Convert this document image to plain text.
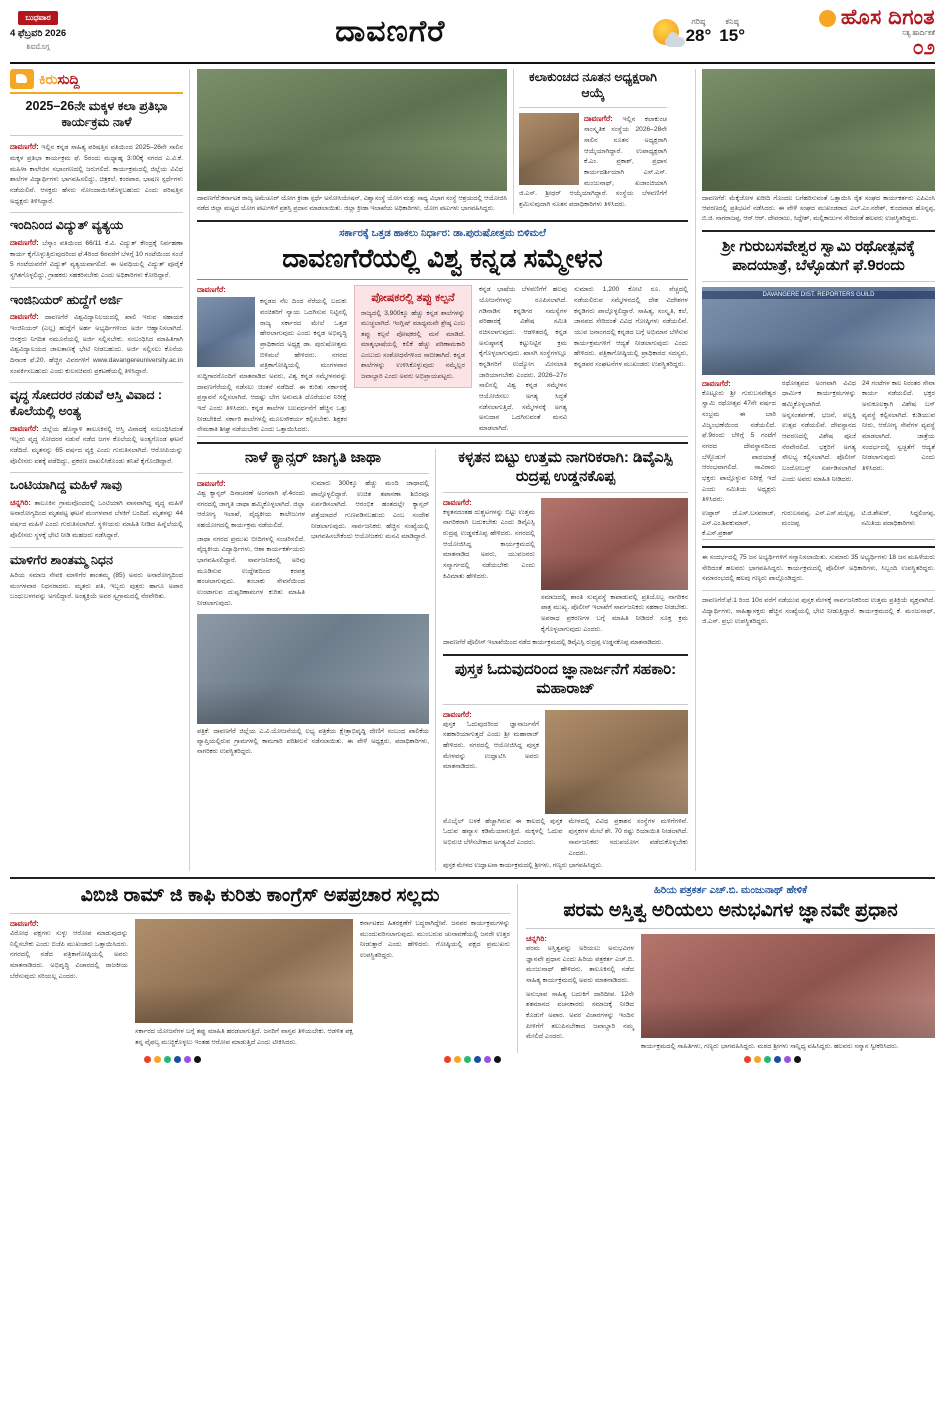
ಬುಧವಾರ
4 ಫೆಬ್ರವರಿ 2026
ಶಿವಮೊಗ್ಗ	ದಾವಣಗೆರೆ	ಗರಿಷ್ಠ
28°
ಕನಿಷ್ಠ
15°
ಹೊಸ ದಿಗಂತ
ಸತ್ಯ ಹಾರ್ದಿಕತೆ
೦೨
ಕಿರುಸುದ್ದಿ
2025–26ನೇ ಮಕ್ಕಳ ಕಲಾ ಪ್ರತಿಭಾ ಕಾರ್ಯಕ್ರಮ ನಾಳೆ
ದಾವಣಗೆರೆ: ಇಲ್ಲಿನ ಕನ್ನಡ ಸಾಹಿತ್ಯ ಪರಿಷತ್ತಿನ ವತಿಯಿಂದ 2025–26ನೇ ಸಾಲಿನ ಮಕ್ಕಳ ಪ್ರತಿಭಾ ಕಾರ್ಯಕ್ರಮ ಫೆ. 5ರಂದು ಮಧ್ಯಾಹ್ನ 3:00ಕ್ಕೆ ನಗರದ ಎ.ವಿ.ಕೆ. ಮಹಿಳಾ ಕಾಲೇಜಿನ ಸಭಾಂಗಣದಲ್ಲಿ ಜರುಗಲಿದೆ. ಕಾರ್ಯಕ್ರಮದಲ್ಲಿ ಜಿಲ್ಲೆಯ ವಿವಿಧ ಶಾಲೆಗಳ ವಿದ್ಯಾರ್ಥಿಗಳು ಭಾಗವಹಿಸಲಿದ್ದು, ಚಿತ್ರಕಲೆ, ಕಂಠಪಾಠ, ಭಾಷಣ ಸ್ಪರ್ಧೆಗಳು ನಡೆಯಲಿವೆ. ಆಸಕ್ತರು ಹೆಸರು ನೋಂದಾಯಿಸಿಕೊಳ್ಳಬಹುದು ಎಂದು ಪರಿಷತ್ತಿನ ಅಧ್ಯಕ್ಷರು ತಿಳಿಸಿದ್ದಾರೆ.
ಇಂದಿನಿಂದ ವಿದ್ಯುತ್ ವ್ಯತ್ಯಯ
ದಾವಣಗೆರೆ: ಬೆಸ್ಕಾಂ ವತಿಯಿಂದ 66/11 ಕೆ.ವಿ. ವಿದ್ಯುತ್ ಕೇಂದ್ರಕ್ಕೆ ನಿರ್ವಹಣಾ ಕಾರ್ಯ ಕೈಗೊಳ್ಳುತ್ತಿರುವುದರಿಂದ ಫೆ.4ರಿಂದ 6ರವರೆಗೆ ಬೆಳಗ್ಗೆ 10 ಗಂಟೆಯಿಂದ ಸಂಜೆ 5 ಗಂಟೆಯವರೆಗೆ ವಿದ್ಯುತ್ ವ್ಯತ್ಯಯವಾಗಲಿದೆ. ಈ ಅವಧಿಯಲ್ಲಿ ವಿದ್ಯುತ್ ಪೂರೈಕೆ ಸ್ಥಗಿತಗೊಳ್ಳಲಿದ್ದು, ಗ್ರಾಹಕರು ಸಹಕರಿಸಬೇಕು ಎಂದು ಅಧಿಕಾರಿಗಳು ಕೋರಿದ್ದಾರೆ.
ಇಂಜಿನಿಯರ್ ಹುದ್ದೆಗೆ ಅರ್ಜಿ
ದಾವಣಗೆರೆ: ದಾವಣಗೆರೆ ವಿಶ್ವವಿದ್ಯಾನಿಲಯದಲ್ಲಿ ಖಾಲಿ ಇರುವ ಸಹಾಯಕ ಇಂಜಿನಿಯರ್ (ಎಲ್ಲ) ಹುದ್ದೆಗೆ ಅರ್ಹ ಅಭ್ಯರ್ಥಿಗಳಿಂದ ಅರ್ಜಿ ಆಹ್ವಾನಿಸಲಾಗಿದೆ. ಆಸಕ್ತರು ನಿಗದಿತ ನಮೂನೆಯಲ್ಲಿ ಅರ್ಜಿ ಸಲ್ಲಿಸಬೇಕು. ಸಂಬಂಧಿಸಿದ ಮಾಹಿತಿಗಾಗಿ ವಿಶ್ವವಿದ್ಯಾಲಯದ ಜಾಲತಾಣಕ್ಕೆ ಭೇಟಿ ನೀಡಬಹುದು. ಅರ್ಜಿ ಸಲ್ಲಿಸಲು ಕೊನೆಯ ದಿನಾಂಕ ಫೆ.20. ಹೆಚ್ಚಿನ ವಿವರಗಳಿಗೆ www.davangereuniversity.ac.in ಸಂಪರ್ಕಿಸಬಹುದು ಎಂದು ಕುಲಸಚಿವರು ಪ್ರಕಟಣೆಯಲ್ಲಿ ತಿಳಿಸಿದ್ದಾರೆ.
ವೃದ್ಧ ಸೋದರರ ನಡುವೆ ಆಸ್ತಿ ವಿವಾದ : ಕೊಲೆಯಲ್ಲಿ ಅಂತ್ಯ
ದಾವಣಗೆರೆ: ಜಿಲ್ಲೆಯ ಹೊನ್ನಾಳಿ ತಾಲೂಕಿನಲ್ಲಿ ಆಸ್ತಿ ವಿವಾದಕ್ಕೆ ಸಂಬಂಧಿಸಿದಂತೆ ಇಬ್ಬರು ವೃದ್ಧ ಸೋದರರ ನಡುವೆ ನಡೆದ ಜಗಳ ಕೊಲೆಯಲ್ಲಿ ಅಂತ್ಯಗೊಂಡ ಘಟನೆ ನಡೆದಿದೆ. ಮೃತನನ್ನು 65 ವರ್ಷದ ವ್ಯಕ್ತಿ ಎಂದು ಗುರುತಿಸಲಾಗಿದೆ. ಆರೋಪಿಯನ್ನು ಪೊಲೀಸರು ವಶಕ್ಕೆ ಪಡೆದಿದ್ದು, ಪ್ರಕರಣ ದಾಖಲಿಸಿಕೊಂಡು ತನಿಖೆ ಕೈಗೊಂಡಿದ್ದಾರೆ.
ಒಂಟಿಯಾಗಿದ್ದ ಮಹಿಳೆ ಸಾವು
ಚನ್ನಗಿರಿ: ತಾಲೂಕಿನ ಗ್ರಾಮವೊಂದರಲ್ಲಿ ಒಂಟಿಯಾಗಿ ವಾಸವಾಗಿದ್ದ ವೃದ್ಧ ಮಹಿಳೆ ಅನಾರೋಗ್ಯದಿಂದ ಮೃತಪಟ್ಟ ಘಟನೆ ಮಂಗಳವಾರ ಬೆಳಕಿಗೆ ಬಂದಿದೆ. ಮೃತಳನ್ನು 44 ವರ್ಷದ ಮಹಿಳೆ ಎಂದು ಗುರುತಿಸಲಾಗಿದೆ. ಸ್ಥಳೀಯರು ಮಾಹಿತಿ ನೀಡಿದ ಹಿನ್ನೆಲೆಯಲ್ಲಿ ಪೊಲೀಸರು ಸ್ಥಳಕ್ಕೆ ಭೇಟಿ ನೀಡಿ ಮಹಜರು ನಡೆಸಿದ್ದಾರೆ.
ಮಾಳಿಗೆರ ಶಾಂತಮ್ಮ ನಿಧನ
ಹಿರಿಯ ಸಮಾಜ ಸೇವಕಿ ಮಾಳಿಗೆರ ಶಾಂತಮ್ಮ (85) ಅವರು ಅನಾರೋಗ್ಯದಿಂದ ಮಂಗಳವಾರ ನಿಧನರಾದರು. ಮೃತರು ಪತಿ, ಇಬ್ಬರು ಪುತ್ರರು ಹಾಗೂ ಅಪಾರ ಬಂಧುಬಳಗವನ್ನು ಅಗಲಿದ್ದಾರೆ. ಅಂತ್ಯಕ್ರಿಯೆ ಅವರ ಸ್ವಗ್ರಾಮದಲ್ಲಿ ನೆರವೇರಿತು.
ದಾವಣಗೆರೆ:ಕರ್ನಾಟಕ ರಾಜ್ಯ ಅಮೆಚೂರ್ ಯೋಗ ಕ್ರೀಡಾ ಸ್ಪರ್ಧೆ ಅಸೋಸಿಯೇಷನ್, ವಿಶ್ವಾಸಂಸ್ಥೆ ಯೋಗ ಮತ್ತು ಸಾಧ್ಯ ವಿಭಾಗ ಸಂಸ್ಥೆ ಆಶ್ರಯದಲ್ಲಿ ಆಯೋಜಿಸಿ ನಡೆದ ಜಿಲ್ಲಾ ಮಟ್ಟದ ಯೋಗ ಪಟುಗಳಿಗೆ ಪ್ರಶಸ್ತಿ ಪ್ರದಾನ ಮಾಡಲಾಯಿತು. ಜಿಲ್ಲಾ ಕ್ರೀಡಾ ಇಲಾಖೆಯ ಅಧಿಕಾರಿಗಳು, ಯೋಗ ಪಟುಗಳು ಭಾಗವಹಿಸಿದ್ದರು.
ಕಲಾಕುಂಚದ ನೂತನ ಅಧ್ಯಕ್ಷರಾಗಿ ಆಯ್ಕೆ
ದಾವಣಗೆರೆ: ಇಲ್ಲಿನ ಕಲಾಕುಂಚ ಸಾಂಸ್ಕೃತಿಕ ಸಂಸ್ಥೆಯ 2026–28ನೇ ಸಾಲಿನ ನೂತನ ಅಧ್ಯಕ್ಷರಾಗಿ ಆಯ್ಕೆಯಾಗಿದ್ದಾರೆ. ಉಪಾಧ್ಯಕ್ಷರಾಗಿ ಕೆ.ಎಂ. ಪ್ರಕಾಶ್, ಪ್ರಧಾನ ಕಾರ್ಯದರ್ಶಿಯಾಗಿ ಎಸ್.ಎಸ್. ಮಂಜುನಾಥ್, ಖಜಾಂಚಿಯಾಗಿ ಜಿ.ಎಸ್. ಶ್ರೀಧರ್ ಆಯ್ಕೆಯಾಗಿದ್ದಾರೆ. ಸಂಸ್ಥೆಯ ಬೆಳವಣಿಗೆಗೆ ಶ್ರಮಿಸುವುದಾಗಿ ನೂತನ ಪದಾಧಿಕಾರಿಗಳು ತಿಳಿಸಿದರು.
ಸರ್ಕಾರಕ್ಕೆ ಒತ್ತಡ ಹಾಕಲು ನಿರ್ಧಾರ: ಡಾ.ಪುರುಷೋತ್ತಮ ಬಿಳಿಮಲೆ
ದಾವಣಗೆರೆಯಲ್ಲಿ ವಿಶ್ವ ಕನ್ನಡ ಸಮ್ಮೇಳನ
ದಾವಣಗೆರೆ:
ಕನ್ನಡದ ನೆಲ ದಿಂದ ನೆರೆಯಲ್ಲಿ ಬದುಕು ವಂಚಿತರಿಗೆ ನ್ಯಾಯ ಒದಗಿಸುವ ನಿಟ್ಟಿನಲ್ಲಿ ರಾಜ್ಯ ಸರ್ಕಾರದ ಮೇಲೆ ಒತ್ತಡ ಹೇರಲಾಗುವುದು ಎಂದು ಕನ್ನಡ ಅಭಿವೃದ್ಧಿ ಪ್ರಾಧಿಕಾರದ ಅಧ್ಯಕ್ಷ ಡಾ. ಪುರುಷೋತ್ತಮ ಬಿಳಿಮಲೆ ಹೇಳಿದರು. ನಗರದ ಪತ್ರಿಕಾಗೋಷ್ಠಿಯಲ್ಲಿ ಮಂಗಳವಾರ ಸುದ್ದಿಗಾರರೊಂದಿಗೆ ಮಾತನಾಡಿದ ಅವರು, ವಿಶ್ವ ಕನ್ನಡ ಸಮ್ಮೇಳನವನ್ನು ದಾವಣಗೆರೆಯಲ್ಲಿ ನಡೆಸಲು ಚಿಂತನೆ ನಡೆದಿದೆ. ಈ ಕುರಿತು ಸರ್ಕಾರಕ್ಕೆ ಪ್ರಸ್ತಾವನೆ ಸಲ್ಲಿಸಲಾಗಿದೆ. ಆದಷ್ಟು ಬೇಗ ಅನುಮತಿ ದೊರೆಯುವ ನಿರೀಕ್ಷೆ ಇದೆ ಎಂದು ತಿಳಿಸಿದರು. ಕನ್ನಡ ಶಾಲೆಗಳ ಬಲವರ್ಧನೆಗೆ ಹೆಚ್ಚಿನ ಒತ್ತು ನೀಡಬೇಕಿದೆ. ಸರ್ಕಾರಿ ಶಾಲೆಗಳಲ್ಲಿ ಮೂಲಸೌಕರ್ಯ ಕಲ್ಪಿಸಬೇಕು. ಶಿಕ್ಷಕರ ನೇಮಕಾತಿ ಶೀಘ್ರ ನಡೆಯಬೇಕು ಎಂದು ಒತ್ತಾಯಿಸಿದರು.
ಪೋಷಕರಲ್ಲಿ ತಪ್ಪು ಕಲ್ಪನೆ
ರಾಜ್ಯದಲ್ಲಿ 3,900ಕ್ಕೂ ಹೆಚ್ಚು ಕನ್ನಡ ಶಾಲೆಗಳನ್ನು ಮುಚ್ಚಲಾಗಿದೆ. ಇಂಗ್ಲಿಷ್ ಮಾಧ್ಯಮವೇ ಶ್ರೇಷ್ಠ ಎಂಬ ತಪ್ಪು ಕಲ್ಪನೆ ಪೋಷಕರಲ್ಲಿ ಮನೆ ಮಾಡಿದೆ. ಮಾತೃಭಾಷೆಯಲ್ಲಿ ಕಲಿಕೆ ಹೆಚ್ಚು ಪರಿಣಾಮಕಾರಿ ಎಂಬುದು ಸಂಶೋಧನೆಗಳಿಂದ ಸಾಬೀತಾಗಿದೆ. ಕನ್ನಡ ಶಾಲೆಗಳನ್ನು ಉಳಿಸಿಕೊಳ್ಳುವುದು ನಮ್ಮೆಲ್ಲರ ಜವಾಬ್ದಾರಿ ಎಂದು ಅವರು ಅಭಿಪ್ರಾಯಪಟ್ಟರು.
ಕನ್ನಡ ಭಾಷೆಯ ಬೆಳವಣಿಗೆಗೆ ಹಲವು ಯೋಜನೆಗಳನ್ನು ರೂಪಿಸಲಾಗಿದೆ. ಗಡಿನಾಡಿನ ಕನ್ನಡಿಗರ ಸಮಸ್ಯೆಗಳ ಪರಿಹಾರಕ್ಕೆ ವಿಶೇಷ ಸಮಿತಿ ರಚಿಸಲಾಗುವುದು. ಆಡಳಿತದಲ್ಲಿ ಕನ್ನಡ ಅನುಷ್ಠಾನಕ್ಕೆ ಕಟ್ಟುನಿಟ್ಟಿನ ಕ್ರಮ ಕೈಗೊಳ್ಳಲಾಗುವುದು. ಖಾಸಗಿ ಸಂಸ್ಥೆಗಳಲ್ಲೂ ಕನ್ನಡಿಗರಿಗೆ ಉದ್ಯೋಗ ಮೀಸಲಾತಿ ಜಾರಿಯಾಗಬೇಕು ಎಂದರು. 2026–27ರ ಸಾಲಿನಲ್ಲಿ ವಿಶ್ವ ಕನ್ನಡ ಸಮ್ಮೇಳನ ಆಯೋಜಿಸಲು ಅಗತ್ಯ ಸಿದ್ಧತೆ ನಡೆಸಲಾಗುತ್ತಿದೆ. ಸಮ್ಮೇಳನಕ್ಕೆ ಅಗತ್ಯ ಅನುದಾನ ಒದಗಿಸುವಂತೆ ಮನವಿ ಮಾಡಲಾಗಿದೆ.
ಸುಮಾರು 1,200 ಕೋಟಿ ರೂ. ವೆಚ್ಚದಲ್ಲಿ ನಡೆಯಲಿರುವ ಸಮ್ಮೇಳನದಲ್ಲಿ ದೇಶ ವಿದೇಶಗಳ ಕನ್ನಡಿಗರು ಪಾಲ್ಗೊಳ್ಳಲಿದ್ದಾರೆ. ಸಾಹಿತ್ಯ, ಸಂಸ್ಕೃತಿ, ಕಲೆ, ಜಾನಪದ ಸೇರಿದಂತೆ ವಿವಿಧ ಗೋಷ್ಠಿಗಳು ನಡೆಯಲಿವೆ. ಯುವ ಜನಾಂಗದಲ್ಲಿ ಕನ್ನಡದ ಬಗ್ಗೆ ಅಭಿಮಾನ ಬೆಳೆಸುವ ಕಾರ್ಯಕ್ರಮಗಳಿಗೆ ಆದ್ಯತೆ ನೀಡಲಾಗುವುದು ಎಂದು ಹೇಳಿದರು. ಪತ್ರಿಕಾಗೋಷ್ಠಿಯಲ್ಲಿ ಪ್ರಾಧಿಕಾರದ ಸದಸ್ಯರು, ಕನ್ನಡಪರ ಸಂಘಟನೆಗಳ ಮುಖಂಡರು ಉಪಸ್ಥಿತರಿದ್ದರು.
ನಾಳೆ ಕ್ಯಾನ್ಸರ್ ಜಾಗೃತಿ ಜಾಥಾ
ದಾವಣಗೆರೆ:
ವಿಶ್ವ ಕ್ಯಾನ್ಸರ್ ದಿನಾಚರಣೆ ಅಂಗವಾಗಿ ಫೆ.4ರಂದು ನಗರದಲ್ಲಿ ಜಾಗೃತಿ ಜಾಥಾ ಹಮ್ಮಿಕೊಳ್ಳಲಾಗಿದೆ. ಜಿಲ್ಲಾ ಆರೋಗ್ಯ ಇಲಾಖೆ, ವೈದ್ಯಕೀಯ ಕಾಲೇಜುಗಳ ಸಹಯೋಗದಲ್ಲಿ ಕಾರ್ಯಕ್ರಮ ನಡೆಯಲಿದೆ.
ಜಾಥಾ ನಗರದ ಪ್ರಮುಖ ಬೀದಿಗಳಲ್ಲಿ ಸಂಚರಿಸಲಿದೆ. ವೈದ್ಯಕೀಯ ವಿದ್ಯಾರ್ಥಿಗಳು, ಆಶಾ ಕಾರ್ಯಕರ್ತೆಯರು ಭಾಗವಹಿಸಲಿದ್ದಾರೆ. ಸಾರ್ವಜನಿಕರಲ್ಲಿ ಅರಿವು ಮೂಡಿಸುವ ಉದ್ದೇಶದಿಂದ ಕರಪತ್ರ ಹಂಚಲಾಗುವುದು. ತಂಬಾಕು ಸೇವನೆಯಿಂದ ಉಂಟಾಗುವ ದುಷ್ಪರಿಣಾಮಗಳ ಕುರಿತು ಮಾಹಿತಿ ನೀಡಲಾಗುವುದು.
ಸುಮಾರು 300ಕ್ಕೂ ಹೆಚ್ಚು ಮಂದಿ ಜಾಥಾದಲ್ಲಿ ಪಾಲ್ಗೊಳ್ಳಲಿದ್ದಾರೆ. ಉಚಿತ ತಪಾಸಣಾ ಶಿಬಿರವೂ ಏರ್ಪಡಿಸಲಾಗಿದೆ. ಆರಂಭಿಕ ಹಂತದಲ್ಲೇ ಕ್ಯಾನ್ಸರ್ ಪತ್ತೆಯಾದರೆ ಗುಣಪಡಿಸಬಹುದು ಎಂಬ ಸಂದೇಶ ನೀಡಲಾಗುವುದು. ಸಾರ್ವಜನಿಕರು ಹೆಚ್ಚಿನ ಸಂಖ್ಯೆಯಲ್ಲಿ ಭಾಗವಹಿಸಬೇಕೆಂದು ಆಯೋಜಕರು ಮನವಿ ಮಾಡಿದ್ದಾರೆ.
ಪತ್ರಿಕೆ: ದಾವಣಗೆರೆ ಜಿಲ್ಲೆಯ ಎ.ವಿ.ಯೋಜನೆಯಲ್ಲಿ ಲಭ್ಯ ಪತ್ರಿಕೆಯ ಕ್ಷೇತ್ರಾಭಿವೃದ್ಧಿ ದೇಣಿಗೆ ಸಂಬಂಧ ಪಾಲಿಕೆಯ ವ್ಯಾಪ್ತಿಯಲ್ಲಿರುವ ಗ್ರಾಮಗಳಲ್ಲಿ ಕಾಮಗಾರಿ ಪರಿಶೀಲನೆ ನಡೆಸಲಾಯಿತು. ಈ ವೇಳೆ ಅಧ್ಯಕ್ಷರು, ಪದಾಧಿಕಾರಿಗಳು, ನಾಗರಿಕರು ಉಪಸ್ಥಿತರಿದ್ದರು.
ಕಳ್ಳತನ ಬಿಟ್ಟು ಉತ್ತಮ ನಾಗರಿಕರಾಗಿ: ಡಿವೈಎಸ್ಪಿ ರುದ್ರಪ್ಪ ಉಡ್ಡನಕೊಪ್ಪ
ದಾವಣಗೆರೆ:
ಕಳ್ಳತನದಂತಹ ದುಶ್ಚಟಗಳನ್ನು ಬಿಟ್ಟು ಉತ್ತಮ ನಾಗರಿಕರಾಗಿ ಬದುಕಬೇಕು ಎಂದು ಡಿವೈಎಸ್ಪಿ ರುದ್ರಪ್ಪ ಉಡ್ಡನಕೊಪ್ಪ ಹೇಳಿದರು. ನಗರದಲ್ಲಿ ಆಯೋಜಿಸಿದ್ದ ಕಾರ್ಯಕ್ರಮದಲ್ಲಿ ಮಾತನಾಡಿದ ಅವರು, ಯುವಜನರು ಸನ್ಮಾರ್ಗದಲ್ಲಿ ನಡೆಯಬೇಕು ಎಂದು ಕಿವಿಮಾತು ಹೇಳಿದರು.
ಸಮಾಜದಲ್ಲಿ ಶಾಂತಿ ಸುವ್ಯವಸ್ಥೆ ಕಾಪಾಡುವಲ್ಲಿ ಪ್ರತಿಯೊಬ್ಬ ನಾಗರಿಕನ ಪಾತ್ರ ಮುಖ್ಯ. ಪೊಲೀಸ್ ಇಲಾಖೆಗೆ ಸಾರ್ವಜನಿಕರು ಸಹಕಾರ ನೀಡಬೇಕು. ಅಪರಾಧ ಪ್ರಕರಣಗಳ ಬಗ್ಗೆ ಮಾಹಿತಿ ನೀಡಿದರೆ ಸೂಕ್ತ ಕ್ರಮ ಕೈಗೊಳ್ಳಲಾಗುವುದು ಎಂದರು.
ದಾವಣಗೆರೆ ಪೊಲೀಸ್ ಇಲಾಖೆಯಿಂದ ನಡೆದ ಕಾರ್ಯಕ್ರಮದಲ್ಲಿ ಡಿವೈಎಸ್ಪಿ ರುದ್ರಪ್ಪ ಉಡ್ಡನಕೊಪ್ಪ ಮಾತನಾಡಿದರು.
ಪುಸ್ತಕ ಓದುವುದರಿಂದ ಜ್ಞಾನಾರ್ಜನೆಗೆ ಸಹಕಾರಿ: ಮಹಾರಾಜ್
ದಾವಣಗೆರೆ:
ಪುಸ್ತಕ ಓದುವುದರಿಂದ ಜ್ಞಾನಾರ್ಜನೆಗೆ ಸಹಕಾರಿಯಾಗುತ್ತದೆ ಎಂದು ಶ್ರೀ ಮಹಾರಾಜ್ ಹೇಳಿದರು. ನಗರದಲ್ಲಿ ಆಯೋಜಿಸಿದ್ದ ಪುಸ್ತಕ ಮೇಳವನ್ನು ಉದ್ಘಾಟಿಸಿ ಅವರು ಮಾತನಾಡಿದರು.
ಮೊಬೈಲ್ ಬಳಕೆ ಹೆಚ್ಚಾಗಿರುವ ಈ ಕಾಲದಲ್ಲಿ ಪುಸ್ತಕ ಓದುವ ಹವ್ಯಾಸ ಕಡಿಮೆಯಾಗುತ್ತಿದೆ. ಮಕ್ಕಳಲ್ಲಿ ಓದುವ ಅಭಿರುಚಿ ಬೆಳೆಸಬೇಕಾದ ಅಗತ್ಯವಿದೆ ಎಂದರು.
ಮೇಳದಲ್ಲಿ ವಿವಿಧ ಪ್ರಕಾಶನ ಸಂಸ್ಥೆಗಳ ಮಳಿಗೆಗಳಿವೆ. ಪುಸ್ತಕಗಳ ಮೇಲೆ ಶೇ. 70 ರಷ್ಟು ರಿಯಾಯಿತಿ ನೀಡಲಾಗಿದೆ. ಸಾರ್ವಜನಿಕರು ಸದುಪಯೋಗ ಪಡೆದುಕೊಳ್ಳಬೇಕು ಎಂದರು.
ಪುಸ್ತಕ ಮೇಳದ ಉದ್ಘಾಟನಾ ಕಾರ್ಯಕ್ರಮದಲ್ಲಿ ಶ್ರೀಗಳು, ಗಣ್ಯರು ಭಾಗವಹಿಸಿದ್ದರು.
ದಾವಣಗೆರೆ: ಮೆಕ್ಕೆಜೋಳ ಖರೀದಿ ಗೊಂದಲ ಬಗೆಹರಿಸುವಂತೆ ಒತ್ತಾಯಿಸಿ ರೈತ ಸಂಘದ ಕಾರ್ಯಕರ್ತರು ಎಪಿಎಂಸಿ ಆವರಣದಲ್ಲಿ ಪ್ರತಿಭಟನೆ ನಡೆಸಿದರು. ಈ ವೇಳೆ ಸಂಘದ ಮುಖಂಡರಾದ ಎಲ್.ಎಂ.ನರೇಶ್, ಕುಂದವಾಡ ಹೊನ್ನಪ್ಪ, ಬಿ.ಜಿ. ನಾಗರಾಜಪ್ಪ, ಆರ್.ಆರ್. ದೇವರಾಜು, ಸಿದ್ದೇಶ್, ಮಲ್ಲಿಕಾರ್ಜುನ ಸೇರಿದಂತೆ ಹಲವರು ಉಪಸ್ಥಿತರಿದ್ದರು.
ಶ್ರೀ ಗುರುಬಸವೇಶ್ವರ ಸ್ವಾಮಿ ರಥೋತ್ಸವಕ್ಕೆ ಪಾದಯಾತ್ರೆ, ಬೆಳ್ಳೊಡುಗೆ ಫೆ.9ರಂದು
DAVANGERE DIST. REPORTERS GUILD
ದಾವಣಗೆರೆ:
ಕೊಟ್ಟೂರು ಶ್ರೀ ಗುರುಬಸವೇಶ್ವರ ಸ್ವಾಮಿ ರಥೋತ್ಸವ 47ನೇ ವರ್ಷದ ಸಂಭ್ರಮ ಈ ಬಾರಿ ವಿಜೃಂಭಣೆಯಿಂದ ನಡೆಯಲಿದೆ. ಫೆ.9ರಂದು ಬೆಳಿಗ್ಗೆ 5 ಗಂಟೆಗೆ ನಗರದ ದೇವಸ್ಥಾನದಿಂದ ಬೆಳ್ಳೊಡುಗೆ ಪಾದಯಾತ್ರೆ ಆರಂಭವಾಗಲಿದೆ. ಸಾವಿರಾರು ಭಕ್ತರು ಪಾಲ್ಗೊಳ್ಳುವ ನಿರೀಕ್ಷೆ ಇದೆ ಎಂದು ಸಮಿತಿಯ ಅಧ್ಯಕ್ಷರು ತಿಳಿಸಿದರು.
ರಥೋತ್ಸವದ ಅಂಗವಾಗಿ ವಿವಿಧ ಧಾರ್ಮಿಕ ಕಾರ್ಯಕ್ರಮಗಳನ್ನು ಹಮ್ಮಿಕೊಳ್ಳಲಾಗಿದೆ. ಅನ್ನಸಂತರ್ಪಣೆ, ಭಜನೆ, ಪಲ್ಲಕ್ಕಿ ಉತ್ಸವ ನಡೆಯಲಿವೆ. ದೇವಸ್ಥಾನದ ಆವರಣದಲ್ಲಿ ವಿಶೇಷ ಪೂಜೆ ನೆರವೇರಲಿದೆ. ಭಕ್ತರಿಗೆ ಅಗತ್ಯ ಸೌಲಭ್ಯ ಕಲ್ಪಿಸಲಾಗಿದೆ. ಪೊಲೀಸ್ ಬಂದೋಬಸ್ತ್ ಏರ್ಪಡಿಸಲಾಗಿದೆ ಎಂದು ಅವರು ಮಾಹಿತಿ ನೀಡಿದರು.
24 ಗಂಟೆಗಳ ಕಾಲ ನಿರಂತರ ಸೇವಾ ಕಾರ್ಯ ನಡೆಯಲಿದೆ. ಭಕ್ತರ ಅನುಕೂಲಕ್ಕಾಗಿ ವಿಶೇಷ ಬಸ್ ವ್ಯವಸ್ಥೆ ಕಲ್ಪಿಸಲಾಗಿದೆ. ಕುಡಿಯುವ ನೀರು, ಆರೋಗ್ಯ ಸೇವೆಗಳ ವ್ಯವಸ್ಥೆ ಮಾಡಲಾಗಿದೆ. ಜಾತ್ರೆಯ ಸಂದರ್ಭದಲ್ಲಿ ಸ್ವಚ್ಛತೆಗೆ ಆದ್ಯತೆ ನೀಡಲಾಗುವುದು ಎಂದು ತಿಳಿಸಿದರು.
ಉಪ್ಪಾರ್ ಜೆ.ಎಸ್.ಬಸವರಾಜ್, ಎಸ್.ಎಂ.ಶಿವಕುಮಾರ್, ಕೆ.ಎಸ್.ಪ್ರಕಾಶ್
ಗುರುಬಸವಪ್ಪ, ಎಸ್.ಎಸ್.ಮಲ್ಲಪ್ಪ, ಮಂಜಪ್ಪ
ಟಿ.ಜಿ.ಶೇಖರ್, ಸಿದ್ದಲಿಂಗಪ್ಪ, ಸಮಿತಿಯ ಪದಾಧಿಕಾರಿಗಳು
ಈ ಸಂದರ್ಭದಲ್ಲಿ 75 ಜನ ಅಭ್ಯರ್ಥಿಗಳಿಗೆ ಸನ್ಮಾನಿಸಲಾಯಿತು. ಸುಮಾರು 35 ಅಭ್ಯರ್ಥಿಗಳು 18 ಜನ ಮಹಿಳೆಯರು ಸೇರಿದಂತೆ ಹಲವರು ಭಾಗವಹಿಸಿದ್ದರು. ಕಾರ್ಯಕ್ರಮದಲ್ಲಿ ಪೊಲೀಸ್ ಅಧಿಕಾರಿಗಳು, ಸಿಬ್ಬಂದಿ ಉಪಸ್ಥಿತರಿದ್ದರು. ಸಮಾರಂಭದಲ್ಲಿ ಹಲವು ಗಣ್ಯರು ಪಾಲ್ಗೊಂಡಿದ್ದರು.
ದಾವಣಗೆರೆ:ಫೆ.1 ರಿಂದ 10ರ ವರೆಗೆ ನಡೆಯುವ ಪುಸ್ತಕ ಮೇಳಕ್ಕೆ ಸಾರ್ವಜನಿಕರಿಂದ ಉತ್ತಮ ಪ್ರತಿಕ್ರಿಯೆ ವ್ಯಕ್ತವಾಗಿದೆ. ವಿದ್ಯಾರ್ಥಿಗಳು, ಸಾಹಿತ್ಯಾಸಕ್ತರು ಹೆಚ್ಚಿನ ಸಂಖ್ಯೆಯಲ್ಲಿ ಭೇಟಿ ನೀಡುತ್ತಿದ್ದಾರೆ. ಕಾರ್ಯಕ್ರಮದಲ್ಲಿ ಕೆ. ಮಂಜುನಾಥ್, ಜಿ.ಎಸ್. ಪ್ರಭು ಉಪಸ್ಥಿತರಿದ್ದರು.
ವಿಬಿಜಿ ರಾಮ್ ಜಿ ಕಾಫಿ ಕುರಿತು ಕಾಂಗ್ರೆಸ್ ಅಪಪ್ರಚಾರ ಸಲ್ಲದು
ದಾವಣಗೆರೆ:
ವಿರೋಧ ಪಕ್ಷಗಳು ಸುಳ್ಳು ಆರೋಪ ಮಾಡುವುದನ್ನು ನಿಲ್ಲಿಸಬೇಕು ಎಂದು ಬಿಜೆಪಿ ಮುಖಂಡರು ಒತ್ತಾಯಿಸಿದರು. ನಗರದಲ್ಲಿ ನಡೆದ ಪತ್ರಿಕಾಗೋಷ್ಠಿಯಲ್ಲಿ ಅವರು ಮಾತನಾಡಿದರು. ಅಭಿವೃದ್ಧಿ ವಿಚಾರದಲ್ಲಿ ರಾಜಕೀಯ ಬೆರೆಸುವುದು ಸರಿಯಲ್ಲ ಎಂದರು.
ಸರ್ಕಾರದ ಯೋಜನೆಗಳ ಬಗ್ಗೆ ತಪ್ಪು ಮಾಹಿತಿ ಹರಡಲಾಗುತ್ತಿದೆ. ಜನರಿಗೆ ವಾಸ್ತವ ತಿಳಿಯಬೇಕು. ಆಡಳಿತ ಪಕ್ಷ ತನ್ನ ವೈಫಲ್ಯ ಮುಚ್ಚಿಕೊಳ್ಳಲು ಇಂತಹ ಆರೋಪ ಮಾಡುತ್ತಿದೆ ಎಂದು ಟೀಕಿಸಿದರು.
ಕರ್ನಾಟಕದ ಹಿತರಕ್ಷಣೆಗೆ ಬದ್ಧರಾಗಿದ್ದೇವೆ. ಜನಪರ ಕಾರ್ಯಕ್ರಮಗಳನ್ನು ಮುಂದುವರಿಸಲಾಗುವುದು. ಮುಂಬರುವ ಚುನಾವಣೆಯಲ್ಲಿ ಜನರೇ ಉತ್ತರ ನೀಡುತ್ತಾರೆ ಎಂದು ಹೇಳಿದರು. ಗೋಷ್ಠಿಯಲ್ಲಿ ಪಕ್ಷದ ಪ್ರಮುಖರು ಉಪಸ್ಥಿತರಿದ್ದರು.
ಹಿರಿಯ ಪತ್ರಕರ್ತ ಎಚ್.ಬಿ. ಮಂಜುನಾಥ್ ಹೇಳಿಕೆ
ಪರಮ ಅಸ್ತಿತ್ವ ಅರಿಯಲು ಅನುಭವಿಗಳ ಜ್ಞಾನವೇ ಪ್ರಧಾನ
ಚನ್ನಗಿರಿ:
ಪರಮ ಅಸ್ತಿತ್ವವನ್ನು ಅರಿಯಲು ಅನುಭವಿಗಳ ಜ್ಞಾನವೇ ಪ್ರಧಾನ ಎಂದು ಹಿರಿಯ ಪತ್ರಕರ್ತ ಎಚ್.ಬಿ. ಮಂಜುನಾಥ್ ಹೇಳಿದರು. ತಾಲೂಕಿನಲ್ಲಿ ನಡೆದ ಸಾಹಿತ್ಯ ಕಾರ್ಯಕ್ರಮದಲ್ಲಿ ಅವರು ಮಾತನಾಡಿದರು.
ಅನುಭಾವ ಸಾಹಿತ್ಯ ಬದುಕಿಗೆ ದಾರಿದೀಪ. 12ನೇ ಶತಮಾನದ ವಚನಕಾರರು ಸಮಾಜಕ್ಕೆ ನೀಡಿದ ಕೊಡುಗೆ ಅಪಾರ. ಅವರ ವಿಚಾರಗಳನ್ನು ಇಂದಿನ ಪೀಳಿಗೆಗೆ ತಲುಪಿಸಬೇಕಾದ ಜವಾಬ್ದಾರಿ ನಮ್ಮ ಮೇಲಿದೆ ಎಂದರು.
ಕಾರ್ಯಕ್ರಮದಲ್ಲಿ ಸಾಹಿತಿಗಳು, ಗಣ್ಯರು ಭಾಗವಹಿಸಿದ್ದರು. ಮಠದ ಶ್ರೀಗಳು ಸಾನ್ನಿಧ್ಯ ವಹಿಸಿದ್ದರು. ಹಲವರು ಸನ್ಮಾನ ಸ್ವೀಕರಿಸಿದರು.
